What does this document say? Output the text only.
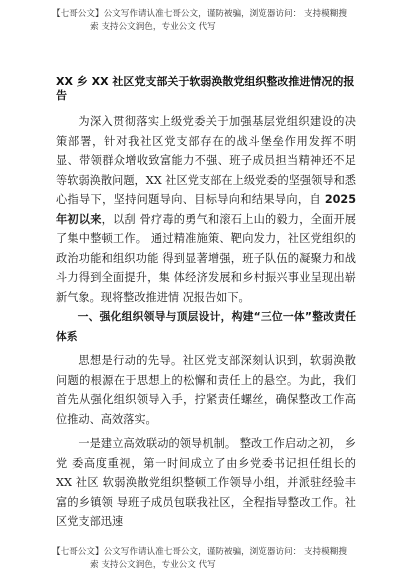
【七哥公文】公文写作请认准七哥公文，谨防被骗，浏览器访问： 支持模糊搜
索 支持公文润色，专业公文 代写
XX 乡 XX 社区党支部关于软弱涣散党组织整改推进情况的报告

为深入贯彻落实上级党委关于加强基层党组织建设的决策部署，针对我社区党支部存在的战斗堡垒作用发挥不明显、带领群众增收致富能力不强、班子成员担当精神还不足等软弱涣散问题，XX 社区党支部在上级党委的坚强领导和悉心指导下，坚持问题导向、目标导向和结果导向，自 2025 年初以来，以刮 骨疗毒的勇气和滚石上山的毅力，全面开展了集中整顿工作。 通过精准施策、靶向发力，社区党组织的政治功能和组织功能 得到显著增强，班子队伍的凝聚力和战斗力得到全面提升，集 体经济发展和乡村振兴事业呈现出崭新气象。现将整改推进情 况报告如下。

一、强化组织领导与顶层设计，构建“三位一体”整改责任体系

思想是行动的先导。社区党支部深刻认识到，软弱涣散问题的根源在于思想上的松懈和责任上的悬空。为此，我们首先从强化组织领导入手，拧紧责任螺丝，确保整改工作高位推动、高效落实。

一是建立高效联动的领导机制。 整改工作启动之初， 乡党 委高度重视，第一时间成立了由乡党委书记担任组长的 XX 社区 软弱涣散党组织整顿工作领导小组，并派驻经验丰富的乡镇领 导班子成员包联我社区，全程指导整改工作。社区党支部迅速

【七哥公文】公文写作请认准七哥公文，谨防被骗，浏览器访问： 支持模糊搜
索 支持公文润色，专业公文 代写
